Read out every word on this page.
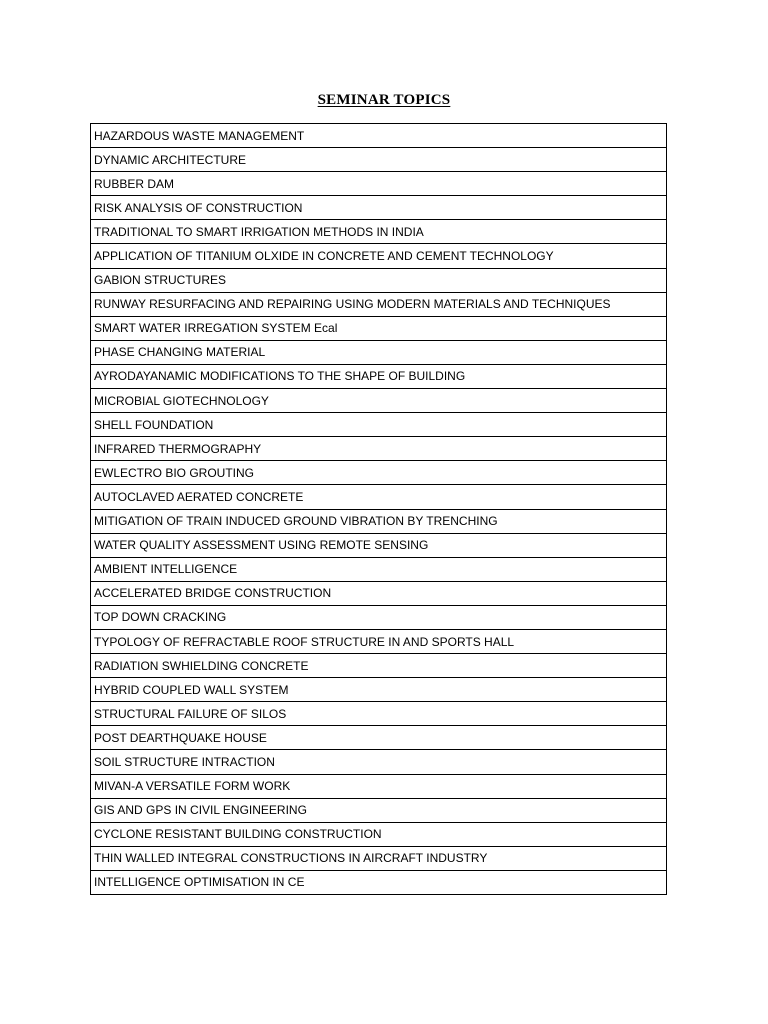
SEMINAR TOPICS
HAZARDOUS WASTE MANAGEMENT
DYNAMIC ARCHITECTURE
RUBBER DAM
RISK ANALYSIS OF CONSTRUCTION
TRADITIONAL TO SMART IRRIGATION METHODS IN INDIA
APPLICATION OF TITANIUM OLXIDE IN CONCRETE AND CEMENT TECHNOLOGY
GABION STRUCTURES
RUNWAY RESURFACING AND REPAIRING USING MODERN MATERIALS AND TECHNIQUES
SMART WATER IRREGATION SYSTEM Ecal
PHASE CHANGING MATERIAL
AYRODAYANAMIC MODIFICATIONS TO THE SHAPE OF BUILDING
MICROBIAL GIOTECHNOLOGY
SHELL FOUNDATION
INFRARED THERMOGRAPHY
EWLECTRO BIO GROUTING
AUTOCLAVED AERATED CONCRETE
MITIGATION OF TRAIN INDUCED GROUND VIBRATION BY TRENCHING
WATER QUALITY ASSESSMENT USING REMOTE SENSING
AMBIENT INTELLIGENCE
ACCELERATED BRIDGE CONSTRUCTION
TOP DOWN CRACKING
TYPOLOGY OF REFRACTABLE ROOF STRUCTURE IN AND SPORTS HALL
RADIATION SWHIELDING CONCRETE
HYBRID COUPLED WALL SYSTEM
STRUCTURAL FAILURE OF SILOS
POST DEARTHQUAKE HOUSE
SOIL STRUCTURE INTRACTION
MIVAN-A VERSATILE FORM WORK
GIS AND GPS IN CIVIL ENGINEERING
CYCLONE RESISTANT BUILDING CONSTRUCTION
THIN WALLED INTEGRAL CONSTRUCTIONS IN AIRCRAFT INDUSTRY
INTELLIGENCE OPTIMISATION IN CE
